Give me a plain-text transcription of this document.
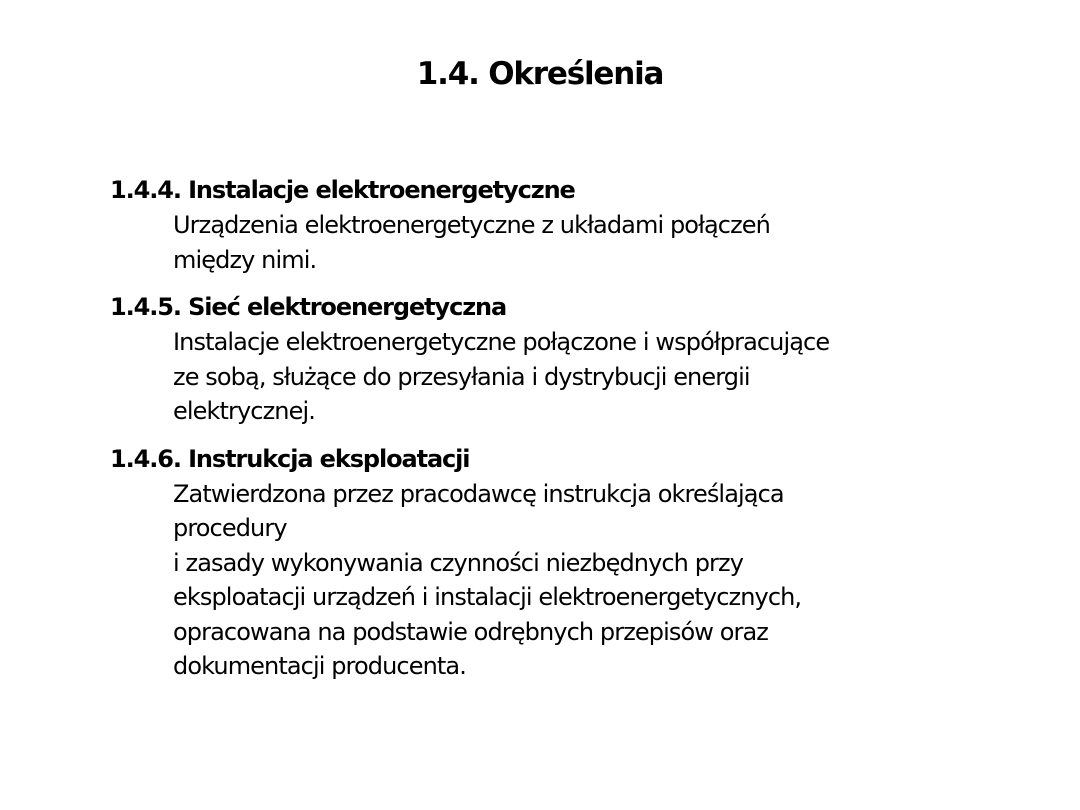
1.4. Określenia
1.4.4. Instalacje elektroenergetyczne
Urządzenia elektroenergetyczne z układami połączeń
między nimi.
1.4.5. Sieć elektroenergetyczna
Instalacje elektroenergetyczne połączone i współpracujące
ze sobą, służące do przesyłania i dystrybucji energii
elektrycznej.
1.4.6. Instrukcja eksploatacji
Zatwierdzona przez pracodawcę instrukcja określająca
procedury
i zasady wykonywania czynności niezbędnych przy
eksploatacji urządzeń i instalacji elektroenergetycznych,
opracowana na podstawie odrębnych przepisów oraz
dokumentacji producenta.
